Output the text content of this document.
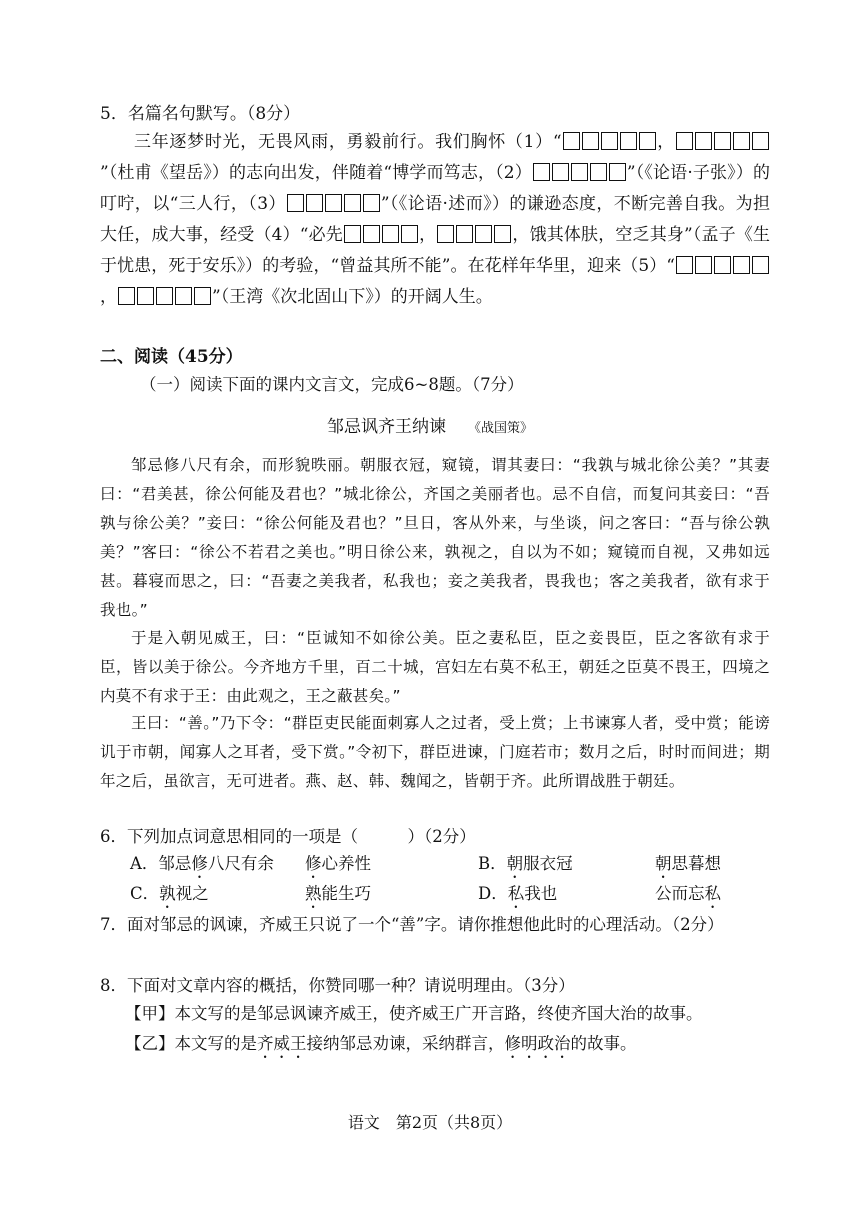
5．名篇名句默写。（8分）
三年逐梦时光，无畏风雨，勇毅前行。我们胸怀（1）“	，”（杜甫《望岳》）的志向出发，伴随着“博学而笃志，（2）	”（《论语·子张》）的叮咛，以“三人行，（3）	”（《论语·述而》）的谦逊态度，不断完善自我。为担大任，成大事，经受（4）“必先	，	，饿其体肤，空乏其身”（孟子《生于忧患，死于安乐》）的考验，“曾益其所不能”。在花样年华里，迎来（5）“，	”（王湾《次北固山下》）的开阔人生。
二、阅读（45分）
（一）阅读下面的课内文言文，完成6~8题。（7分）
邹忌讽齐王纳谏 《战国策》
邹忌修八尺有余，而形貌昳丽。朝服衣冠，窥镜，谓其妻曰：“我孰与城北徐公美？”其妻曰：“君美甚，徐公何能及君也？”城北徐公，齐国之美丽者也。忌不自信，而复问其妾曰：“吾孰与徐公美？”妾曰：“徐公何能及君也？”旦日，客从外来，与坐谈，问之客曰：“吾与徐公孰美？”客曰：“徐公不若君之美也。”明日徐公来，孰视之，自以为不如；窥镜而自视，又弗如远甚。暮寝而思之，曰：“吾妻之美我者，私我也；妾之美我者，畏我也；客之美我者，欲有求于我也。”
于是入朝见威王，曰：“臣诚知不如徐公美。臣之妻私臣，臣之妾畏臣，臣之客欲有求于臣，皆以美于徐公。今齐地方千里，百二十城，宫妇左右莫不私王，朝廷之臣莫不畏王，四境之内莫不有求于王：由此观之，王之蔽甚矣。”
王曰：“善。”乃下令：“群臣吏民能面刺寡人之过者，受上赏；上书谏寡人者，受中赏；能谤讥于市朝，闻寡人之耳者，受下赏。”令初下，群臣进谏，门庭若市；数月之后，时时而间进；期年之后，虽欲言，无可进者。燕、赵、韩、魏闻之，皆朝于齐。此所谓战胜于朝廷。
6．下列加点词意思相同的一项是（　　　）（2分）
A．邹忌修八尺有余 修心养性	B．朝服衣冠	朝思暮想
C．孰视之	熟能生巧	D．私我也	公而忘私
7．面对邹忌的讽谏，齐威王只说了一个“善”字。请你推想他此时的心理活动。（2分）
8．下面对文章内容的概括，你赞同哪一种？请说明理由。（3分）
【甲】本文写的是邹忌讽谏齐威王，使齐威王广开言路，终使齐国大治的故事。
【乙】本文写的是齐威王接纳邹忌劝谏，采纳群言，修明政治的故事。
语文　第2页（共8页）
